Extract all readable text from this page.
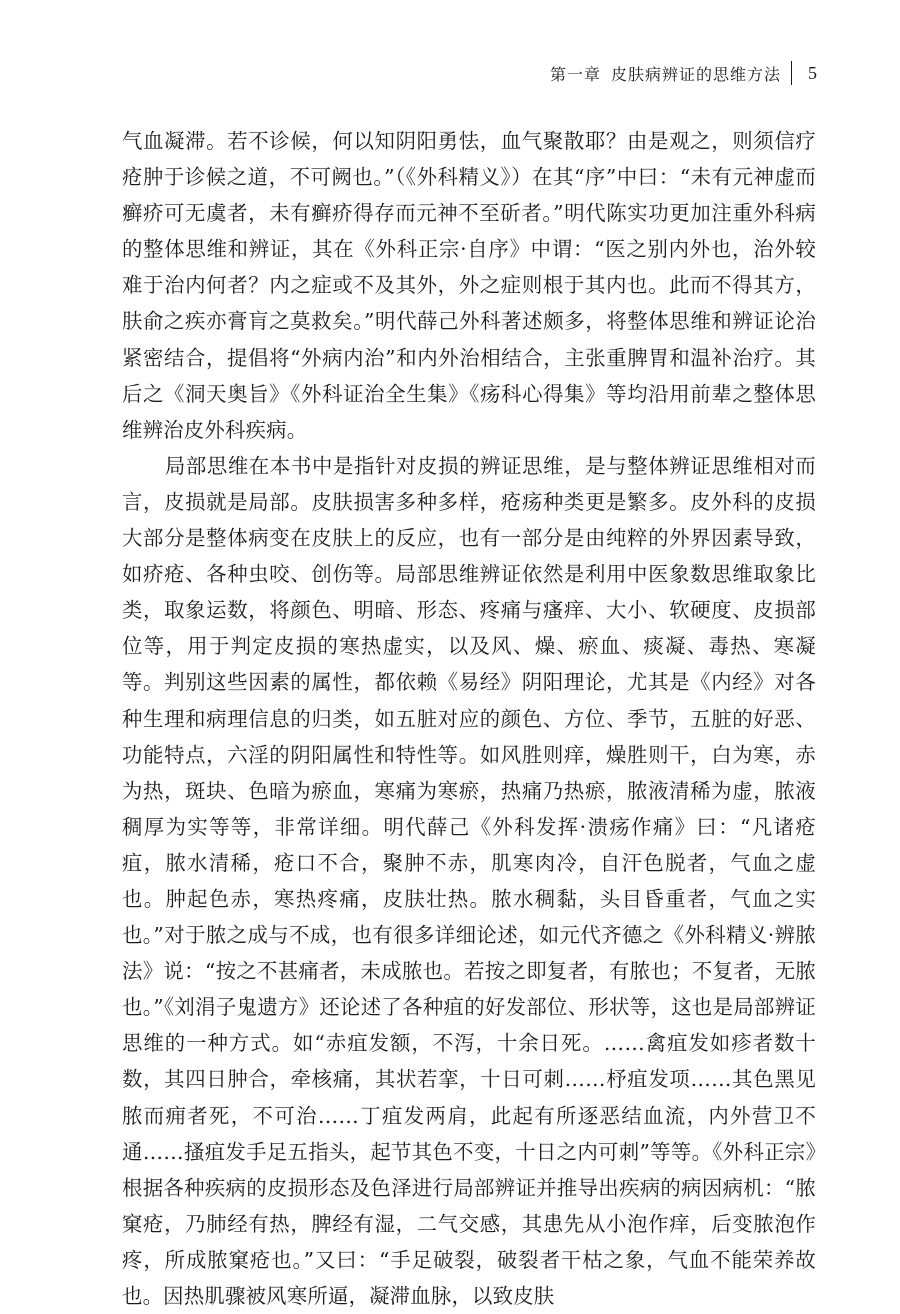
第一章 皮肤病辨证的思维方法 5

气血凝滞。若不诊候，何以知阴阳勇怯，血气聚散耶？由是观之，则须信疗疮肿于诊候之道，不可阙也。”（《外科精义》）在其“序”中曰：“未有元神虚而癣疥可无虞者，未有癣疥得存而元神不至斫者。”明代陈实功更加注重外科病的整体思维和辨证，其在《外科正宗·自序》中谓：“医之别内外也，治外较难于治内何者？内之症或不及其外，外之症则根于其内也。此而不得其方，肤俞之疾亦膏肓之莫救矣。”明代薛己外科著述颇多，将整体思维和辨证论治紧密结合，提倡将“外病内治”和内外治相结合，主张重脾胃和温补治疗。其后之《洞天奥旨》《外科证治全生集》《疡科心得集》等均沿用前辈之整体思维辨治皮外科疾病。

局部思维在本书中是指针对皮损的辨证思维，是与整体辨证思维相对而言，皮损就是局部。皮肤损害多种多样，疮疡种类更是繁多。皮外科的皮损大部分是整体病变在皮肤上的反应，也有一部分是由纯粹的外界因素导致，如疥疮、各种虫咬、创伤等。局部思维辨证依然是利用中医象数思维取象比类，取象运数，将颜色、明暗、形态、疼痛与瘙痒、大小、软硬度、皮损部位等，用于判定皮损的寒热虚实，以及风、燥、瘀血、痰凝、毒热、寒凝等。判别这些因素的属性，都依赖《易经》阴阳理论，尤其是《内经》对各种生理和病理信息的归类，如五脏对应的颜色、方位、季节，五脏的好恶、功能特点，六淫的阴阳属性和特性等。如风胜则痒，燥胜则干，白为寒，赤为热，斑块、色暗为瘀血，寒痛为寒瘀，热痛乃热瘀，脓液清稀为虚，脓液稠厚为实等等，非常详细。明代薛己《外科发挥·溃疡作痛》曰：“凡诸疮疽，脓水清稀，疮口不合，聚肿不赤，肌寒肉冷，自汗色脱者，气血之虚也。肿起色赤，寒热疼痛，皮肤壮热。脓水稠黏，头目昏重者，气血之实也。”对于脓之成与不成，也有很多详细论述，如元代齐德之《外科精义·辨脓法》说：“按之不甚痛者，未成脓也。若按之即复者，有脓也；不复者，无脓也。”《刘涓子鬼遗方》还论述了各种疽的好发部位、形状等，这也是局部辨证思维的一种方式。如“赤疽发额，不泻，十余日死。……禽疽发如疹者数十数，其四日肿合，牵核痛，其状若挛，十日可刺……杼疽发项……其色黑见脓而痈者死，不可治……丁疽发两肩，此起有所逐恶结血流，内外营卫不通……搔疽发手足五指头，起节其色不变，十日之内可刺”等等。《外科正宗》根据各种疾病的皮损形态及色泽进行局部辨证并推导出疾病的病因病机：“脓窠疮，乃肺经有热，脾经有湿，二气交感，其患先从小泡作痒，后变脓泡作疼，所成脓窠疮也。”又曰：“手足破裂，破裂者干枯之象，气血不能荣养故也。因热肌骤被风寒所逼，凝滞血脉，以致皮肤
